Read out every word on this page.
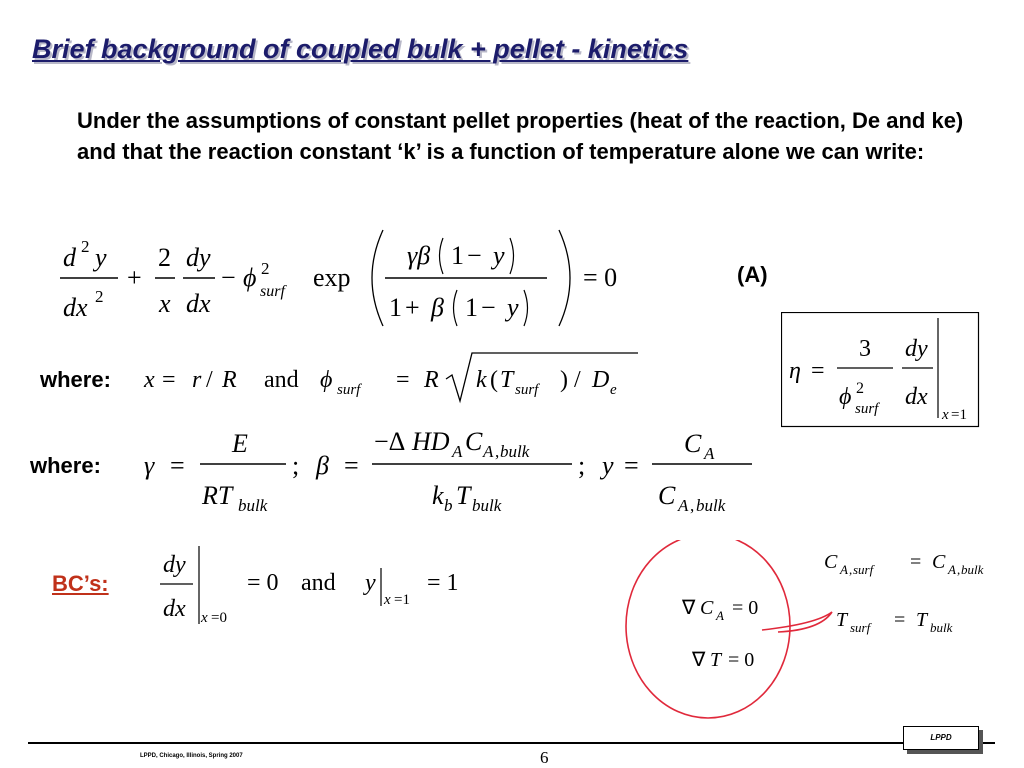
Brief background of coupled bulk + pellet - kinetics
Under the assumptions of constant pellet properties (heat of the reaction, De and ke) and that the reaction constant ‘k’ is a function of temperature alone we can write:
d 2 y
dx 2
+
2
x
dy
dx
− ϕ 2
surf exp
γβ 1 − y
1 + β 1 − y
= 0	(A)
η =
3
ϕ 2
surf
dy
dx
x =1
where: x = r / R and ϕ surf = R k ( T surf ) / D e
where: γ =
E
RT bulk
; β =
−Δ HD A C A , bulk
k b T bulk
; y =
C A
C A , bulk
BC’s:
dy
dx x =0
= 0 and y
x =1
= 1
∇ C A = 0
∇ T = 0
C A , surf = C A , bulk
T surf = T bulk
LPPD, Chicago, Illinois, Spring 2007	6
LPPD
